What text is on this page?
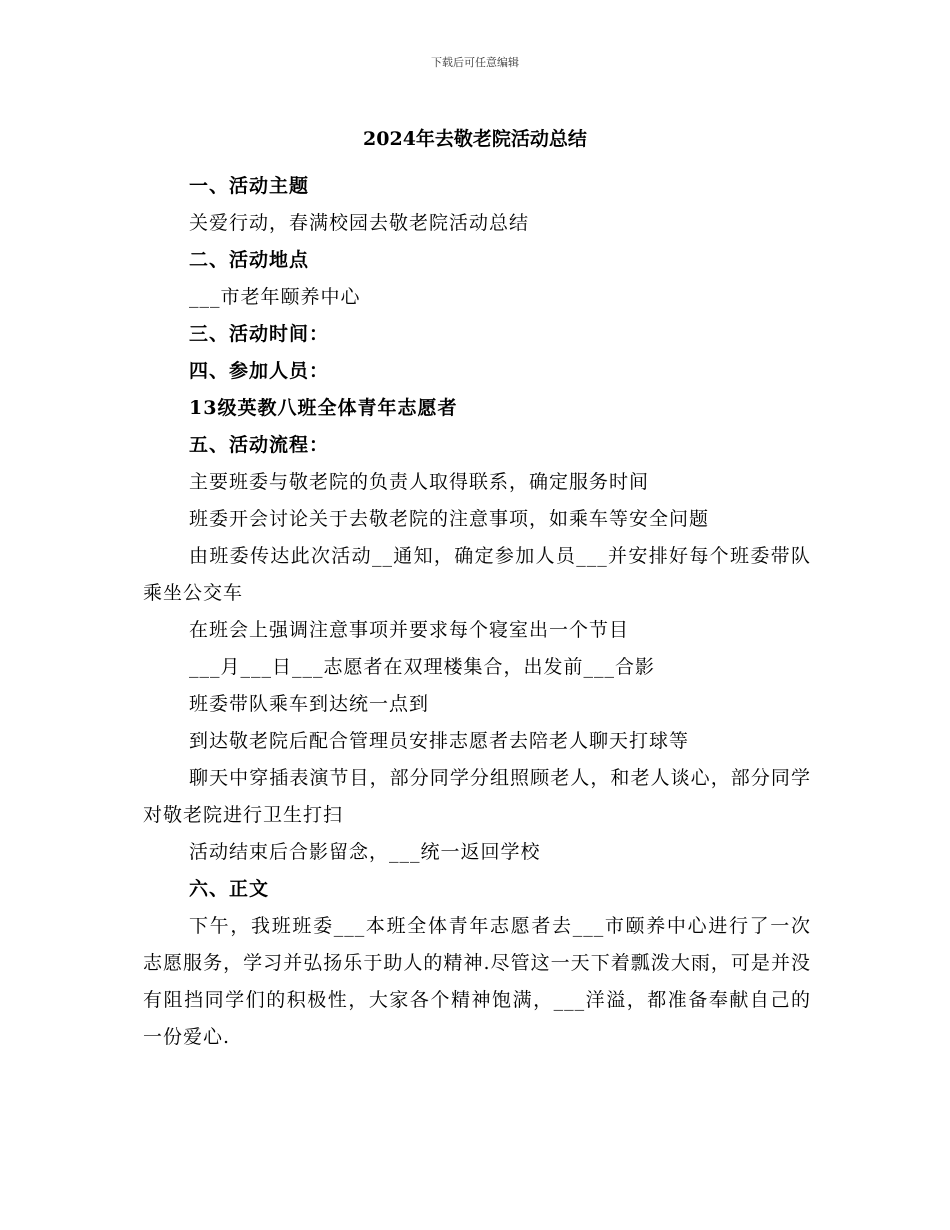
下载后可任意编辑
2024年去敬老院活动总结
一、活动主题
关爱行动，春满校园去敬老院活动总结
二、活动地点
___市老年颐养中心
三、活动时间：
四、参加人员：
13级英教八班全体青年志愿者
五、活动流程：
主要班委与敬老院的负责人取得联系，确定服务时间
班委开会讨论关于去敬老院的注意事项，如乘车等安全问题
由班委传达此次活动__通知，确定参加人员___并安排好每个班委带队乘坐公交车
在班会上强调注意事项并要求每个寝室出一个节目
___月___日___志愿者在双理楼集合，出发前___合影
班委带队乘车到达统一点到
到达敬老院后配合管理员安排志愿者去陪老人聊天打球等
聊天中穿插表演节目，部分同学分组照顾老人，和老人谈心，部分同学对敬老院进行卫生打扫
活动结束后合影留念，___统一返回学校
六、正文
下午，我班班委___本班全体青年志愿者去___市颐养中心进行了一次志愿服务，学习并弘扬乐于助人的精神.尽管这一天下着瓢泼大雨，可是并没有阻挡同学们的积极性，大家各个精神饱满，___洋溢，都准备奉献自己的一份爱心.
